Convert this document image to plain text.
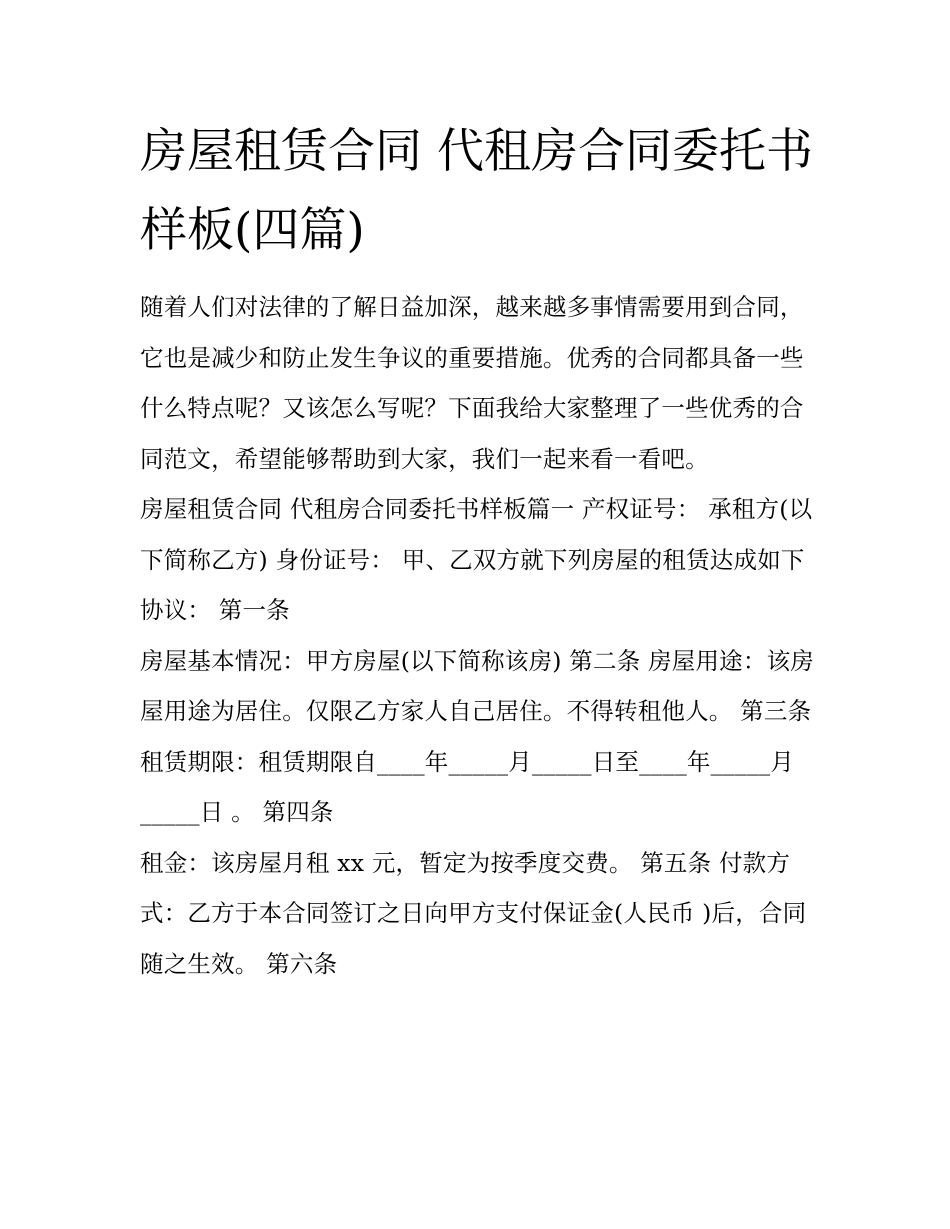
房屋租赁合同 代租房合同委托书样板(四篇)

随着人们对法律的了解日益加深，越来越多事情需要用到合同，它也是减少和防止发生争议的重要措施。优秀的合同都具备一些什么特点呢？又该怎么写呢？下面我给大家整理了一些优秀的合同范文，希望能够帮助到大家，我们一起来看一看吧。

房屋租赁合同 代租房合同委托书样板篇一 产权证号： 承租方(以下简称乙方) 身份证号： 甲、乙双方就下列房屋的租赁达成如下协议： 第一条

房屋基本情况：甲方房屋(以下简称该房) 第二条 房屋用途：该房屋用途为居住。仅限乙方家人自己居住。不得转租他人。 第三条

租赁期限：租赁期限自____年_____月_____日至____年_____月_____日 。 第四条

租金：该房屋月租 xx 元，暂定为按季度交费。 第五条 付款方式：乙方于本合同签订之日向甲方支付保证金(人民币 )后，合同随之生效。 第六条
